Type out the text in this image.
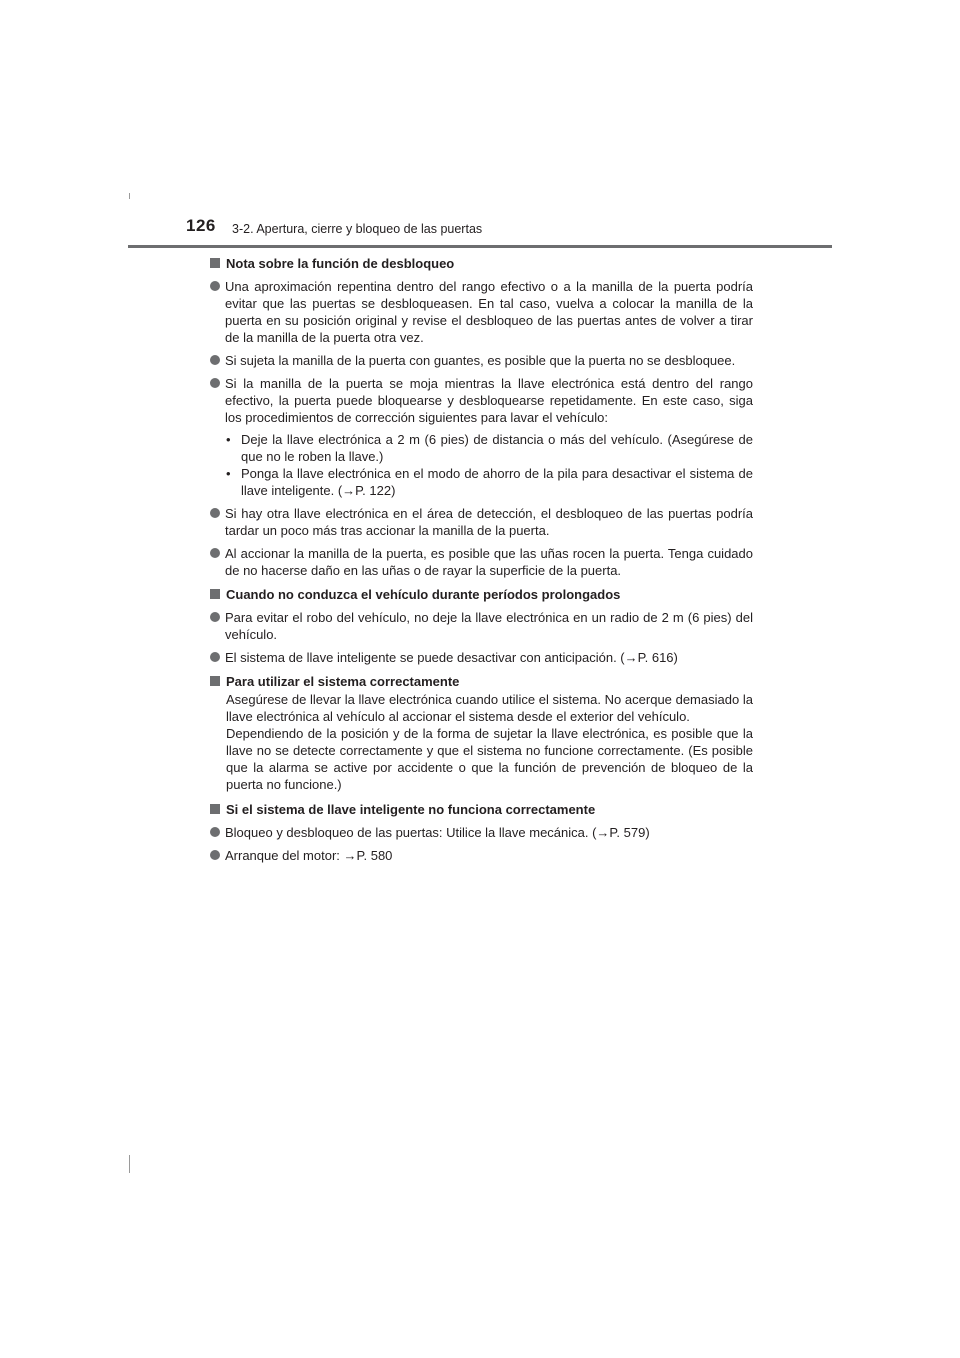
126 3-2. Apertura, cierre y bloqueo de las puertas
Nota sobre la función de desbloqueo
Una aproximación repentina dentro del rango efectivo o a la manilla de la puerta podría evitar que las puertas se desbloqueasen. En tal caso, vuelva a colocar la manilla de la puerta en su posición original y revise el desbloqueo de las puertas antes de volver a tirar de la manilla de la puerta otra vez.
Si sujeta la manilla de la puerta con guantes, es posible que la puerta no se desbloquee.
Si la manilla de la puerta se moja mientras la llave electrónica está dentro del rango efectivo, la puerta puede bloquearse y desbloquearse repetidamente. En este caso, siga los procedimientos de corrección siguientes para lavar el vehículo:
• Deje la llave electrónica a 2 m (6 pies) de distancia o más del vehículo. (Asegúrese de que no le roben la llave.)
• Ponga la llave electrónica en el modo de ahorro de la pila para desactivar el sistema de llave inteligente. (→P. 122)
Si hay otra llave electrónica en el área de detección, el desbloqueo de las puertas podría tardar un poco más tras accionar la manilla de la puerta.
Al accionar la manilla de la puerta, es posible que las uñas rocen la puerta. Tenga cuidado de no hacerse daño en las uñas o de rayar la superficie de la puerta.
Cuando no conduzca el vehículo durante períodos prolongados
Para evitar el robo del vehículo, no deje la llave electrónica en un radio de 2 m (6 pies) del vehículo.
El sistema de llave inteligente se puede desactivar con anticipación. (→P. 616)
Para utilizar el sistema correctamente

Asegúrese de llevar la llave electrónica cuando utilice el sistema. No acerque demasiado la llave electrónica al vehículo al accionar el sistema desde el exterior del vehículo.

Dependiendo de la posición y de la forma de sujetar la llave electrónica, es posible que la llave no se detecte correctamente y que el sistema no funcione correctamente. (Es posible que la alarma se active por accidente o que la función de prevención de bloqueo de la puerta no funcione.)

Si el sistema de llave inteligente no funciona correctamente
Bloqueo y desbloqueo de las puertas: Utilice la llave mecánica. (→P. 579)
Arranque del motor: →P. 580
